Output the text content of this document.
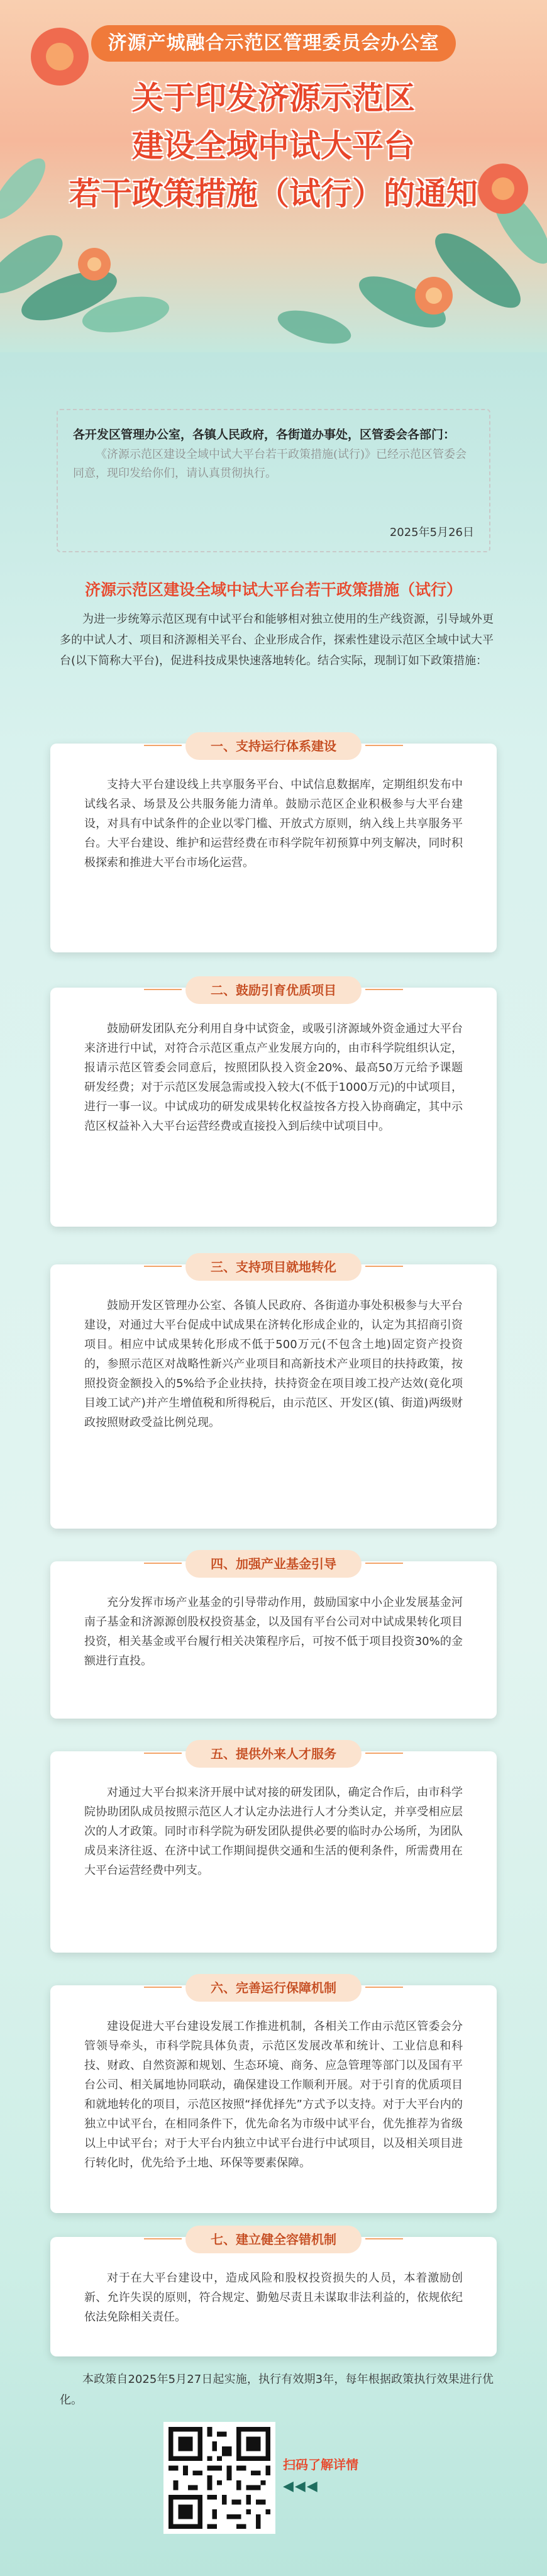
济源产城融合示范区管理委员会办公室
关于印发济源示范区
建设全域中试大平台
若干政策措施（试行）的通知
各开发区管理办公室，各镇人民政府，各街道办事处，区管委会各部门：
《济源示范区建设全域中试大平台若干政策措施(试行)》已经示范区管委会同意，现印发给你们，请认真贯彻执行。
2025年5月26日
济源示范区建设全域中试大平台若干政策措施（试行）
为进一步统筹示范区现有中试平台和能够相对独立使用的生产线资源，引导域外更多的中试人才、项目和济源相关平台、企业形成合作，探索性建设示范区全域中试大平台(以下简称大平台)，促进科技成果快速落地转化。结合实际，现制订如下政策措施：
一、支持运行体系建设
支持大平台建设线上共享服务平台、中试信息数据库，定期组织发布中试线名录、场景及公共服务能力清单。鼓励示范区企业积极参与大平台建设，对具有中试条件的企业以零门槛、开放式方原则，纳入线上共享服务平台。大平台建设、维护和运营经费在市科学院年初预算中列支解决，同时积极探索和推进大平台市场化运营。
二、鼓励引育优质项目
鼓励研发团队充分利用自身中试资金，或吸引济源域外资金通过大平台来济进行中试，对符合示范区重点产业发展方向的，由市科学院组织认定，报请示范区管委会同意后，按照团队投入资金20%、最高50万元给予课题研发经费；对于示范区发展急需或投入较大(不低于1000万元)的中试项目，进行一事一议。中试成功的研发成果转化权益按各方投入协商确定，其中示范区权益补入大平台运营经费或直接投入到后续中试项目中。
三、支持项目就地转化
鼓励开发区管理办公室、各镇人民政府、各街道办事处积极参与大平台建设，对通过大平台促成中试成果在济转化形成企业的，认定为其招商引资项目。相应中试成果转化形成不低于500万元(不包含土地)固定资产投资的，参照示范区对战略性新兴产业项目和高新技术产业项目的扶持政策，按照投资金额投入的5%给予企业扶持，扶持资金在项目竣工投产达效(竟化项目竣工试产)并产生增值税和所得税后，由示范区、开发区(镇、街道)两级财政按照财政受益比例兑现。
四、加强产业基金引导
充分发挥市场产业基金的引导带动作用，鼓励国家中小企业发展基金河南子基金和济源源创股权投资基金，以及国有平台公司对中试成果转化项目投资，相关基金或平台履行相关决策程序后，可按不低于项目投资30%的金额进行直投。
五、提供外来人才服务
对通过大平台拟来济开展中试对接的研发团队，确定合作后，由市科学院协助团队成员按照示范区人才认定办法进行人才分类认定，并享受相应层次的人才政策。同时市科学院为研发团队提供必要的临时办公场所，为团队成员来济往返、在济中试工作期间提供交通和生活的便利条件，所需费用在大平台运营经费中列支。
六、完善运行保障机制
建设促进大平台建设发展工作推进机制，各相关工作由示范区管委会分管领导牵头，市科学院具体负责，示范区发展改革和统计、工业信息和科技、财政、自然资源和规划、生态环境、商务、应急管理等部门以及国有平台公司、相关属地协同联动，确保建设工作顺利开展。对于引育的优质项目和就地转化的项目，示范区按照“择优择先”方式予以支持。对于大平台内的独立中试平台，在相同条件下，优先命名为市级中试平台，优先推荐为省级以上中试平台；对于大平台内独立中试平台进行中试项目，以及相关项目进行转化时，优先给予土地、环保等要素保障。
七、建立健全容错机制
对于在大平台建设中，造成风险和股权投资损失的人员，本着激励创新、允许失误的原则，符合规定、勤勉尽责且未谋取非法利益的，依规依纪依法免除相关责任。
本政策自2025年5月27日起实施，执行有效期3年，每年根据政策执行效果进行优化。
扫码了解详情
◀◀◀
